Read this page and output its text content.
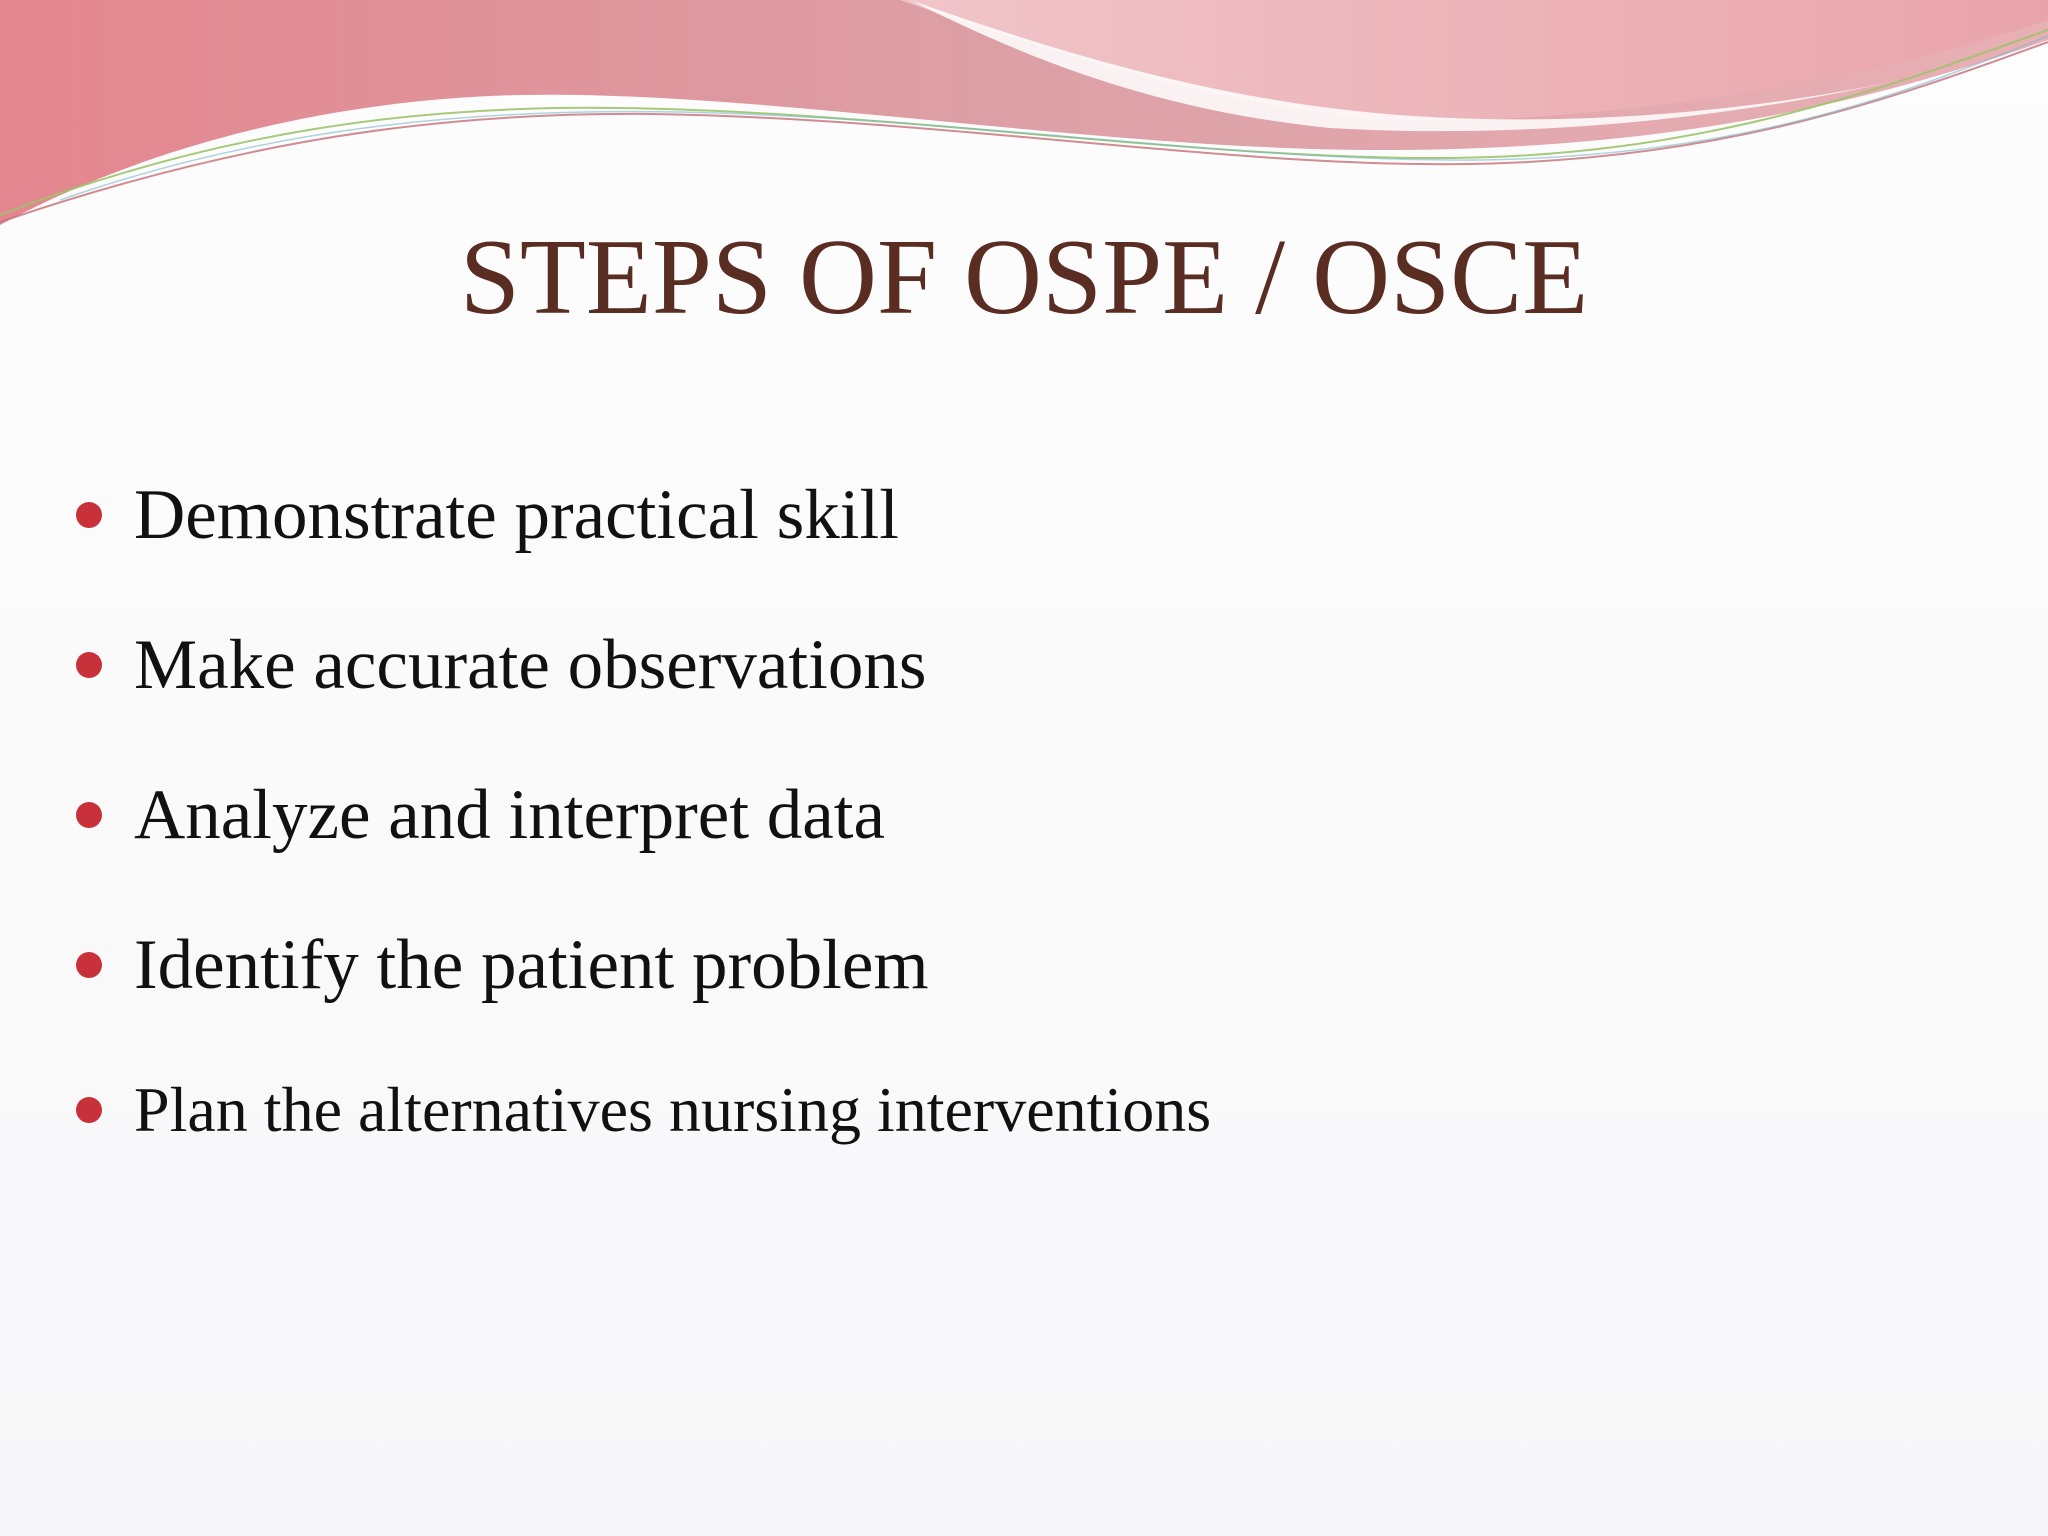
STEPS OF OSPE / OSCE
Demonstrate practical skill
Make accurate observations
Analyze and interpret data
Identify the patient problem
Plan the alternatives nursing interventions
